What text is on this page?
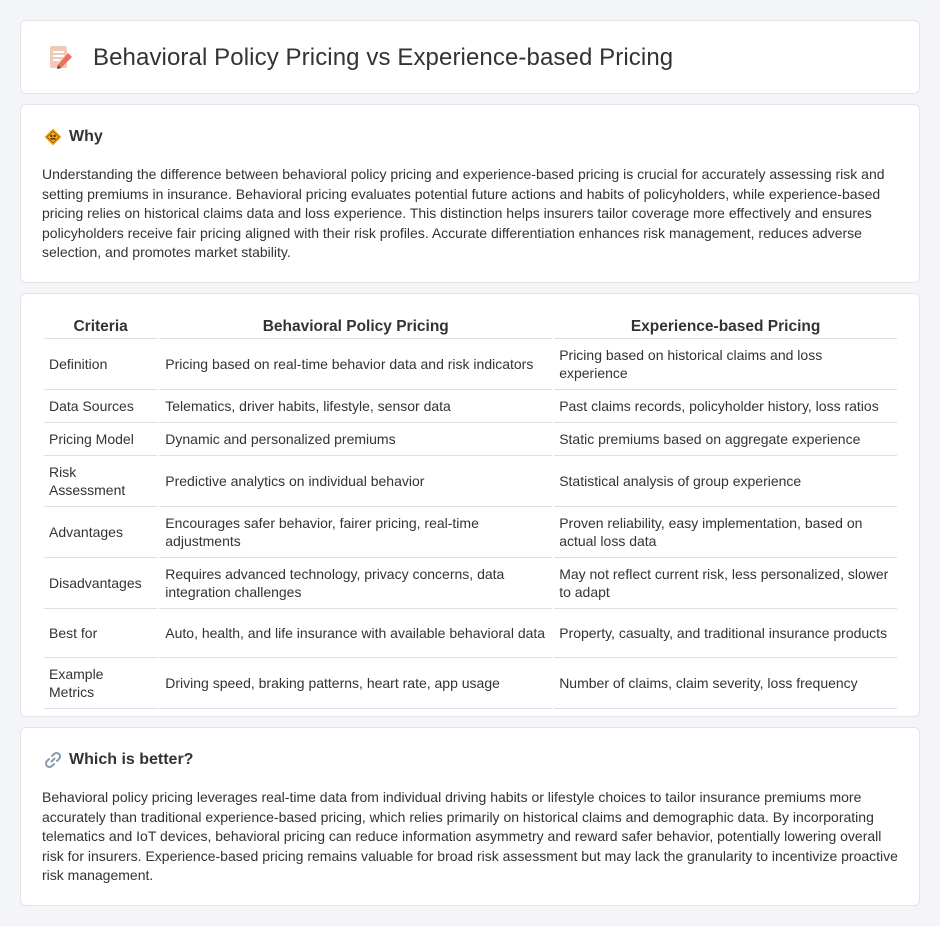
Behavioral Policy Pricing vs Experience-based Pricing
Why

Understanding the difference between behavioral policy pricing and experience-based pricing is crucial for accurately assessing risk and setting premiums in insurance. Behavioral pricing evaluates potential future actions and habits of policyholders, while experience-based pricing relies on historical claims data and loss experience. This distinction helps insurers tailor coverage more effectively and ensures policyholders receive fair pricing aligned with their risk profiles. Accurate differentiation enhances risk management, reduces adverse selection, and promotes market stability.

Criteria	Behavioral Policy Pricing	Experience-based Pricing
Definition	Pricing based on real-time behavior data and risk indicators	Pricing based on historical claims and loss experience
Data Sources	Telematics, driver habits, lifestyle, sensor data	Past claims records, policyholder history, loss ratios
Pricing Model	Dynamic and personalized premiums	Static premiums based on aggregate experience
Risk Assessment	Predictive analytics on individual behavior	Statistical analysis of group experience
Advantages	Encourages safer behavior, fairer pricing, real-time adjustments	Proven reliability, easy implementation, based on actual loss data
Disadvantages	Requires advanced technology, privacy concerns, data integration challenges	May not reflect current risk, less personalized, slower to adapt
Best for	Auto, health, and life insurance with available behavioral data	Property, casualty, and traditional insurance products
Example Metrics	Driving speed, braking patterns, heart rate, app usage	Number of claims, claim severity, loss frequency
Which is better?

Behavioral policy pricing leverages real-time data from individual driving habits or lifestyle choices to tailor insurance premiums more accurately than traditional experience-based pricing, which relies primarily on historical claims and demographic data. By incorporating telematics and IoT devices, behavioral pricing can reduce information asymmetry and reward safer behavior, potentially lowering overall risk for insurers. Experience-based pricing remains valuable for broad risk assessment but may lack the granularity to incentivize proactive risk management.
